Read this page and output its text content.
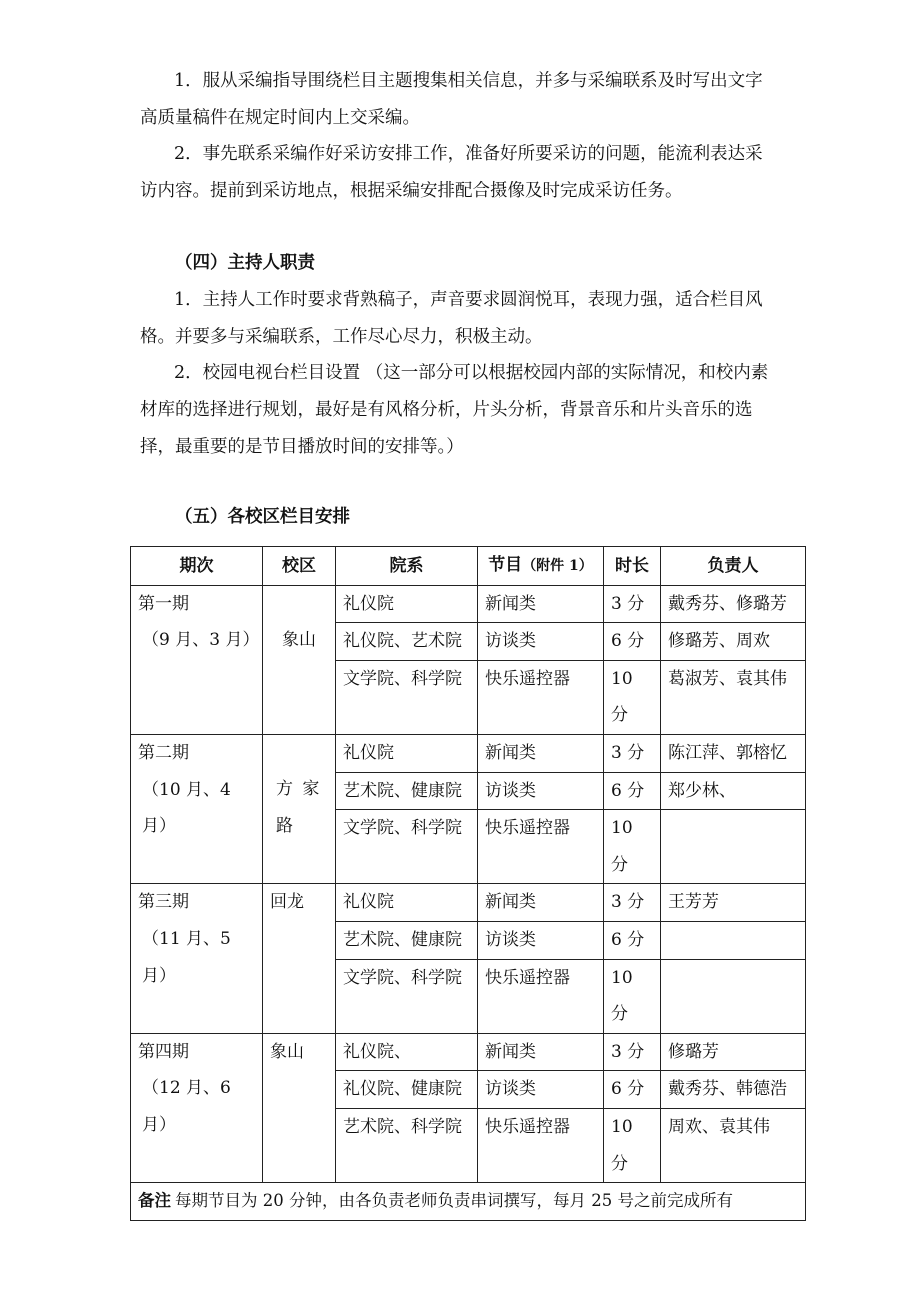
1．服从采编指导围绕栏目主题搜集相关信息，并多与采编联系及时写出文字高质量稿件在规定时间内上交采编。

2．事先联系采编作好采访安排工作，准备好所要采访的问题，能流利表达采访内容。提前到采访地点，根据采编安排配合摄像及时完成采访任务。

（四）主持人职责

1．主持人工作时要求背熟稿子，声音要求圆润悦耳，表现力强，适合栏目风格。并要多与采编联系，工作尽心尽力，积极主动。

2．校园电视台栏目设置 （这一部分可以根据校园内部的实际情况，和校内素材库的选择进行规划，最好是有风格分析，片头分析，背景音乐和片头音乐的选择，最重要的是节目播放时间的安排等。）

（五）各校区栏目安排

期次	校区	院系	节目（附件 1）	时长	负责人
第一期
（9 月、3 月）	象山	礼仪院	新闻类	3 分	戴秀芬、修璐芳
		礼仪院、艺术院	访谈类	6 分	修璐芳、周欢
		文学院、科学院	快乐遥控器	10 分	葛淑芳、袁其伟

第二期
（10 月、4 月）	方 家 路	礼仪院	新闻类	3 分	陈江萍、郭榕忆
		艺术院、健康院	访谈类	6 分	郑少林、
		文学院、科学院	快乐遥控器	10 分	

第三期
（11 月、5 月）	回龙	礼仪院	新闻类	3 分	王芳芳
		艺术院、健康院	访谈类	6 分	
		文学院、科学院	快乐遥控器	10 分	

第四期
（12 月、6 月）	象山	礼仪院、	新闻类	3 分	修璐芳
		礼仪院、健康院	访谈类	6 分	戴秀芬、韩德浩
		艺术院、科学院	快乐遥控器	10 分	周欢、袁其伟

备注 每期节目为 20 分钟，由各负责老师负责串词撰写，每月 25 号之前完成所有					
